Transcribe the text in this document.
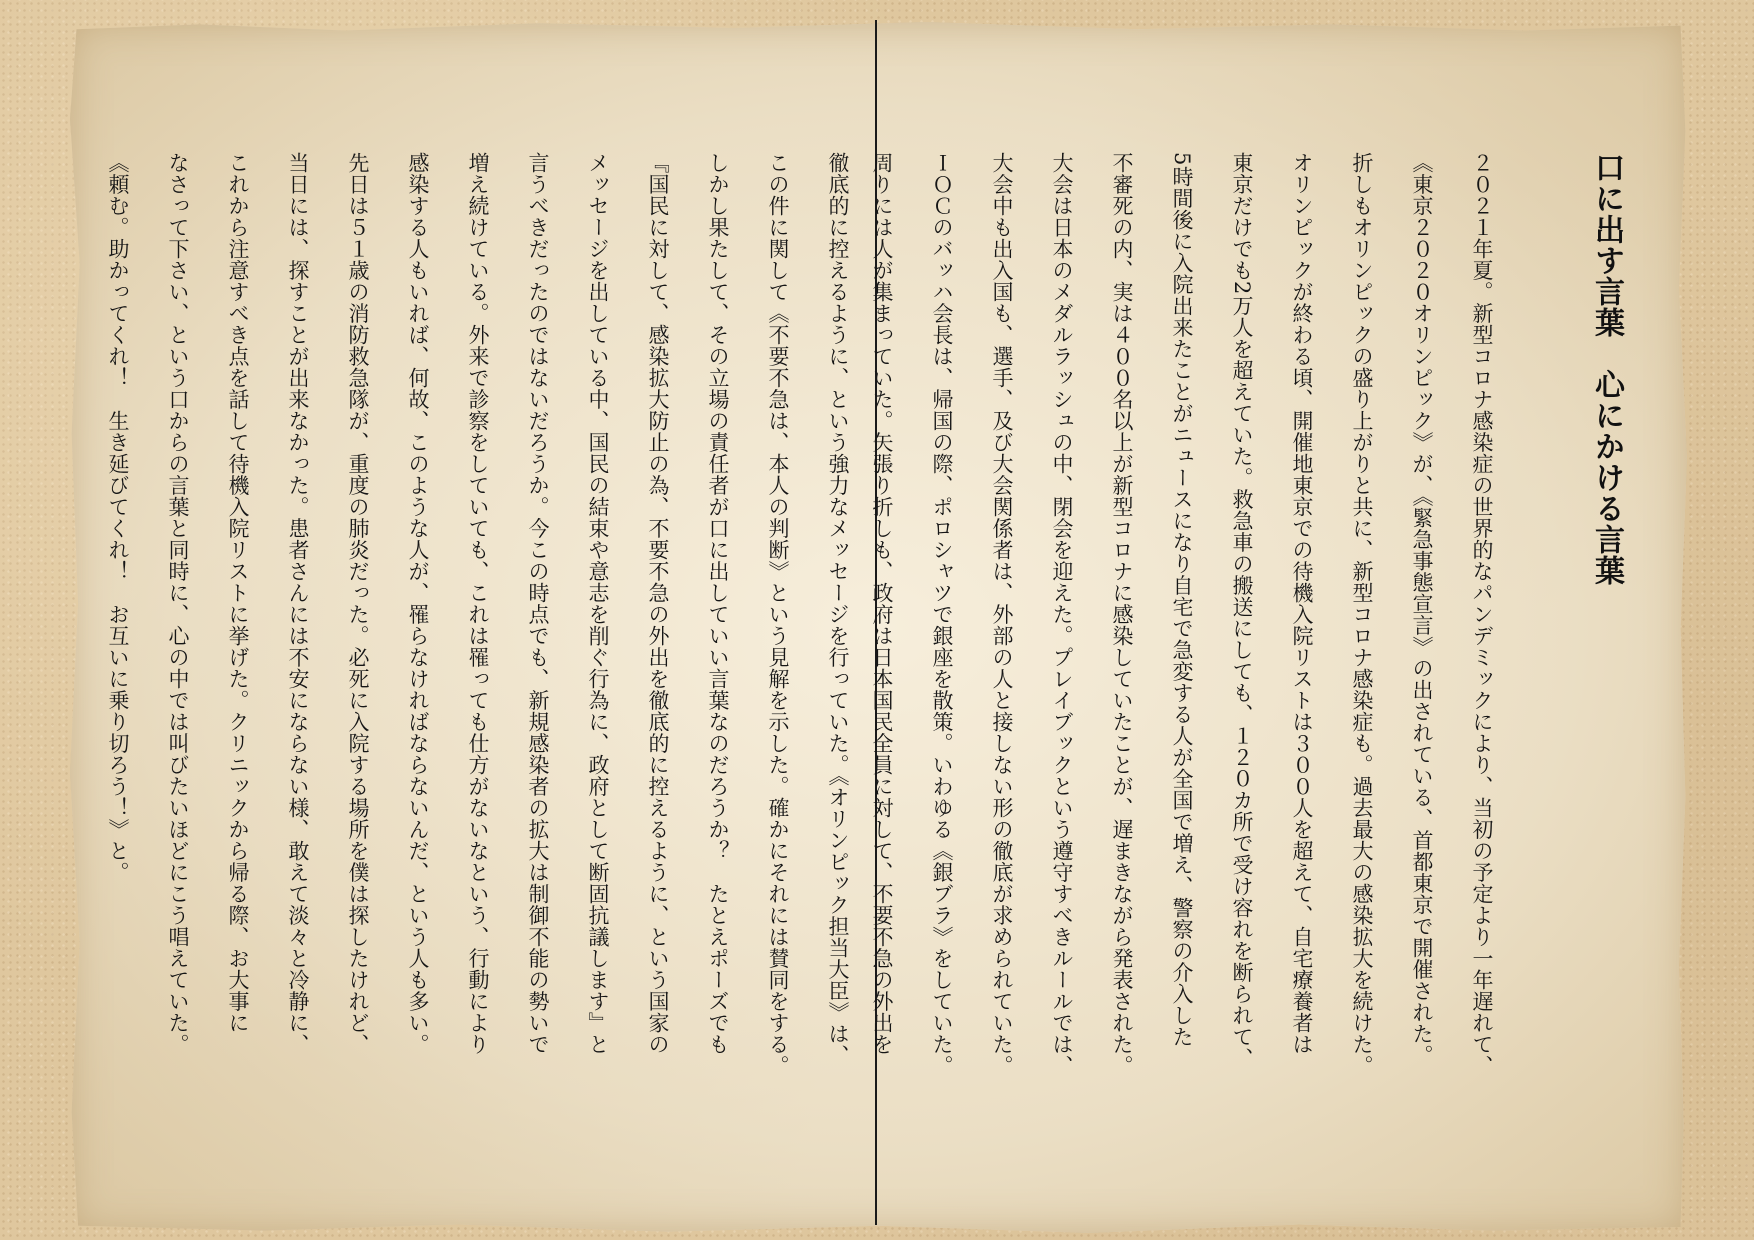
口に出す言葉　心にかける言葉

２０２１年夏。新型コロナ感染症の世界的なパンデミックにより、当初の予定より一年遅れて、

《東京２０２０オリンピック》が、《緊急事態宣言》の出されている、首都東京で開催された。

折しもオリンピックの盛り上がりと共に、新型コロナ感染症も。過去最大の感染拡大を続けた。

オリンピックが終わる頃、開催地東京での待機入院リストは３００人を超えて、自宅療養者は

東京だけでも2万人を超えていた。救急車の搬送にしても、１２０カ所で受け容れを断られて、

5時間後に入院出来たことがニュースになり自宅で急変する人が全国で増え、警察の介入した

不審死の内、実は４００名以上が新型コロナに感染していたことが、遅まきながら発表された。

大会は日本のメダルラッシュの中、閉会を迎えた。プレイブックという遵守すべきルールでは、

大会中も出入国も、選手、及び大会関係者は、外部の人と接しない形の徹底が求められていた。

ＩＯＣのバッハ会長は、帰国の際、ポロシャツで銀座を散策。いわゆる《銀ブラ》をしていた。

周りには人が集まっていた。矢張り折しも、政府は日本国民全員に対して、不要不急の外出を

徹底的に控えるように、という強力なメッセージを行っていた。《オリンピック担当大臣》は、

この件に関して《不要不急は、本人の判断》という見解を示した。確かにそれには賛同をする。

しかし果たして、その立場の責任者が口に出していい言葉なのだろうか？　たとえポーズでも

『国民に対して、感染拡大防止の為、不要不急の外出を徹底的に控えるように、という国家の

メッセージを出している中、国民の結束や意志を削ぐ行為に、政府として断固抗議します』と

言うべきだったのではないだろうか。今この時点でも、新規感染者の拡大は制御不能の勢いで

増え続けている。外来で診察をしていても、これは罹っても仕方がないなという、行動により

感染する人もいれば、何故、このような人が、罹らなければならないんだ、という人も多い。

先日は５１歳の消防救急隊が、重度の肺炎だった。必死に入院する場所を僕は探したけれど、

当日には、探すことが出来なかった。患者さんには不安にならない様、敢えて淡々と冷静に、

これから注意すべき点を話して待機入院リストに挙げた。クリニックから帰る際、お大事に

なさって下さい、という口からの言葉と同時に、心の中では叫びたいほどにこう唱えていた。

《頼む。助かってくれ！　生き延びてくれ！　お互いに乗り切ろう！》と。
